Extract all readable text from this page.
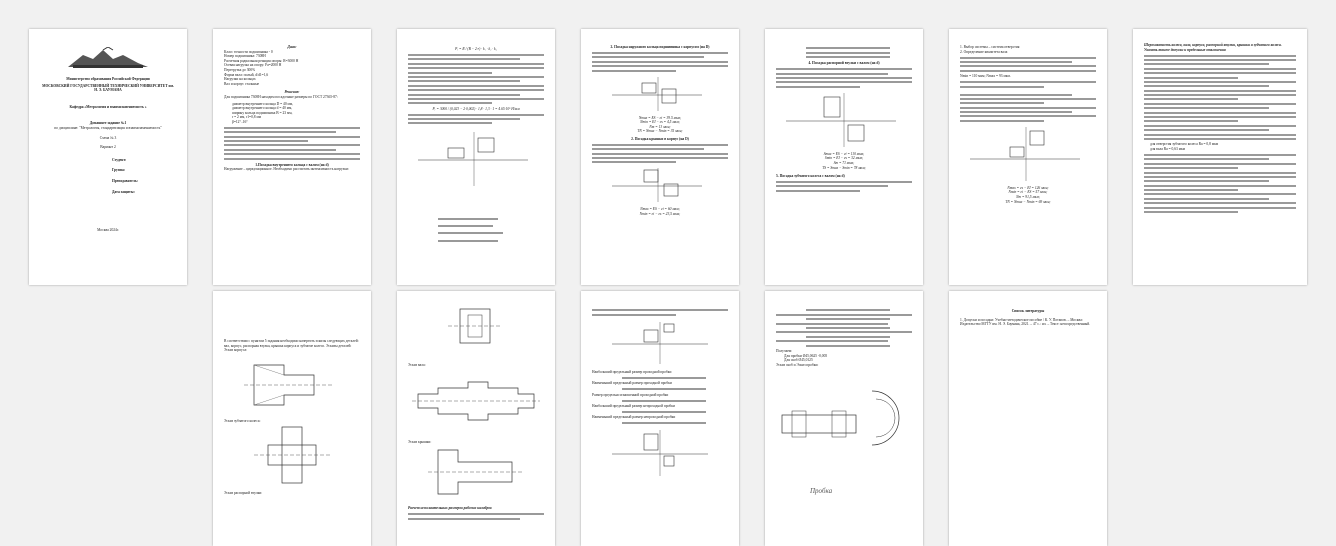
Министерство образования Российской Федерации
МОСКОВСКИЙ ГОСУДАРСТВЕННЫЙ ТЕХНИЧЕСКИЙ УНИВЕРСИТЕТ им. Н. Э. БАУМАНА
Кафедра «Метрология и взаимозаменяемость »
Домашнее задание №1
по дисциплине: "Метрология, стандартизация и взаимозаменяемость"
Схема № 3
Вариант 2
Студент:
Группа:
Преподаватель:
Дата защиты:
Москва 2024г.
Дано:
Класс точности подшипника - 0
Номер подшипника: 7308Н
Расчетная радиальная реакция опоры: R=3000 Н
Осевая нагрузка на опору: Fa=2000 Н
Перегрузка до 300%
Форма вала: полый, d/d1=1,6
Нагрузки на кольцах
Вал и корпус стальные
Решение:
Для подшипника 7308Н находим посадочные размеры по ГОСТ 27365-87:
диаметр внутреннего кольца D = 40 мм,
диаметр внутреннего кольца d = 40 мм,
ширину кольца подшипника В = 23 мм,
r = 2 мм, r1=0,8 мм
β=12°..16°
1.Посадка внутреннего кольца с валом (на d)
Нагружение – циркуляционное. Необходимо рассчитать интенсивность нагрузки:
Pᵣ = R / (B − 2·r) · k₁ · k₂ · k₃
Pᵣ = 3000 / (0,023 − 2·0,002) · 1,8 · 1,3 · 1 = 4.65·10⁵ Н/мм
2. Посадка наружного кольца подшипника с корпусом (на D)
Nmax = ES − ei = 39.5 мкм;
Nmin = EI − es = 4,5 мкм;
Nm = 13 мкм;
TN = Nmax − Nmin = 35 мкм;
2. Посадка крышки в корпус (на D)
Nmax = ES − ei = 60 мкм;
Nmin = ei − es = 23,5 мкм;
4. Посадка распорной втулки с валом (на d)
Smax = ES − ei = 110 мкм;
Smin = EI − es = 32 мкм;
Sm = 71 мкм;
TS = Smax − Smin = 78 мкм;
5. Посадка зубчатого колеса с валом (на d)
1. Выбор системы – система отверстия
2. Определение квалитета вала
Nmin = 110 мкм; Nmax = 93 мкм.
Nmax = es − EI = 126 мкм;
Nmin = ei − ES = 57 мкм;
Nm = 91,5 мкм;
TN = Nmax − Nmin = 69 мкм;
Шероховатость колеса, вала, корпуса, распорной втулки, крышки и зубчатого колеса. Указать также допуски и предельные отклонения
для отверстия зубчатого колеса Ra = 0,8 мкм
для вала Ra = 0,63 мкм
В соответствии с пунктом 5 задания необходимо начертить эскизы следующих деталей: вал, корпус, распорная втулка, крышка корпуса и зубчатое колесо. Эскизы деталей:
Эскиз корпуса:
Эскиз зубчатого колеса:
Эскиз распорной втулки:
Эскиз вала:
Эскиз крышки:
Расчет исполнительных размеров рабочих калибров
Наибольший предельный размер проходной пробки
Наименьший предельный размер проходной пробки
Размер предельно изношенной проходной пробки
Наибольший предельный размер непроходной пробки
Наименьший предельный размер непроходной пробки
Получаем:
Для пробки Ø45,0625 -0,005
Для скоб Ø45,0125
Эскиз скоб и Эскиз пробки:
Пробка
Список литературы
1. Допуски и посадки: Учебно-методическое пособие / К. У. Потапов. – Москва: Издательство МГТУ им. Н. Э. Баумана, 2021. – 47 с.: ил. – Текст: непосредственный.
